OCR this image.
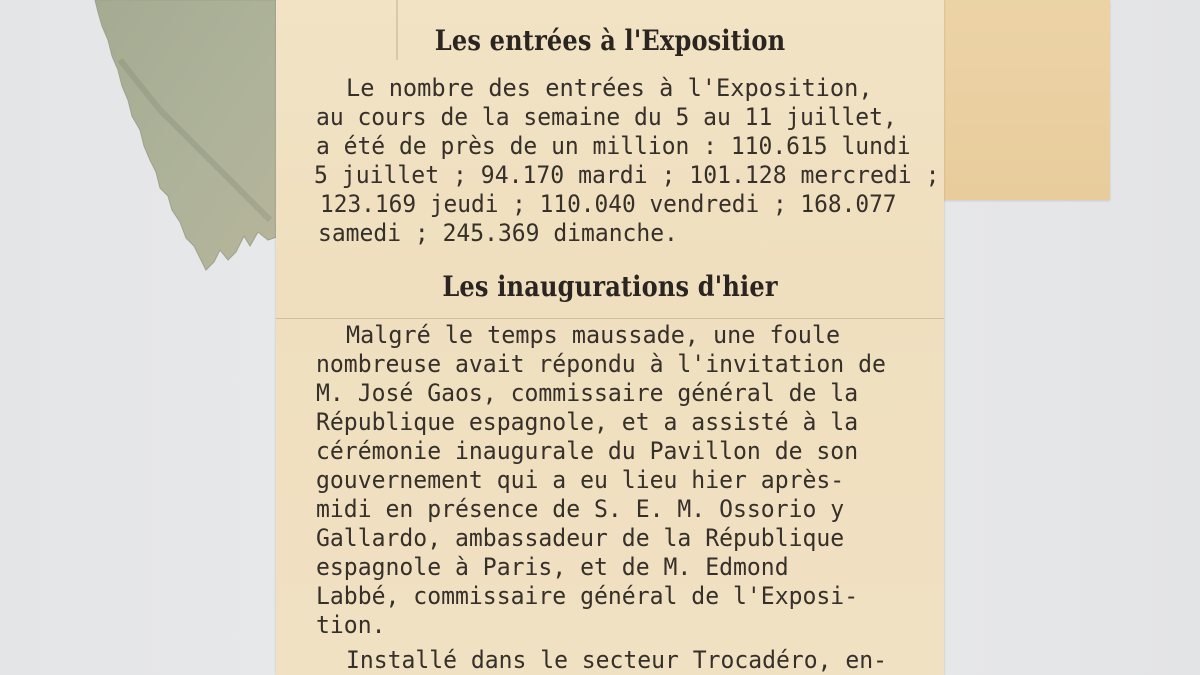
Les entrées à l'Exposition
Le nombre des entrées à l'Exposition,
au cours de la semaine du 5 au 11 juillet,
a été de près de un million : 110.615 lundi
5 juillet ; 94.170 mardi ; 101.128 mercredi ;
123.169 jeudi ; 110.040 vendredi ; 168.077
samedi ; 245.369 dimanche.
Les inaugurations d'hier
Malgré le temps maussade, une foule
nombreuse avait répondu à l'invitation de
M. José Gaos, commissaire général de la
République espagnole, et a assisté à la
cérémonie inaugurale du Pavillon de son
gouvernement qui a eu lieu hier après-
midi en présence de S. E. M. Ossorio y
Gallardo, ambassadeur de la République
espagnole à Paris, et de M. Edmond
Labbé, commissaire général de l'Exposi-
tion.
Installé dans le secteur Trocadéro, en-
